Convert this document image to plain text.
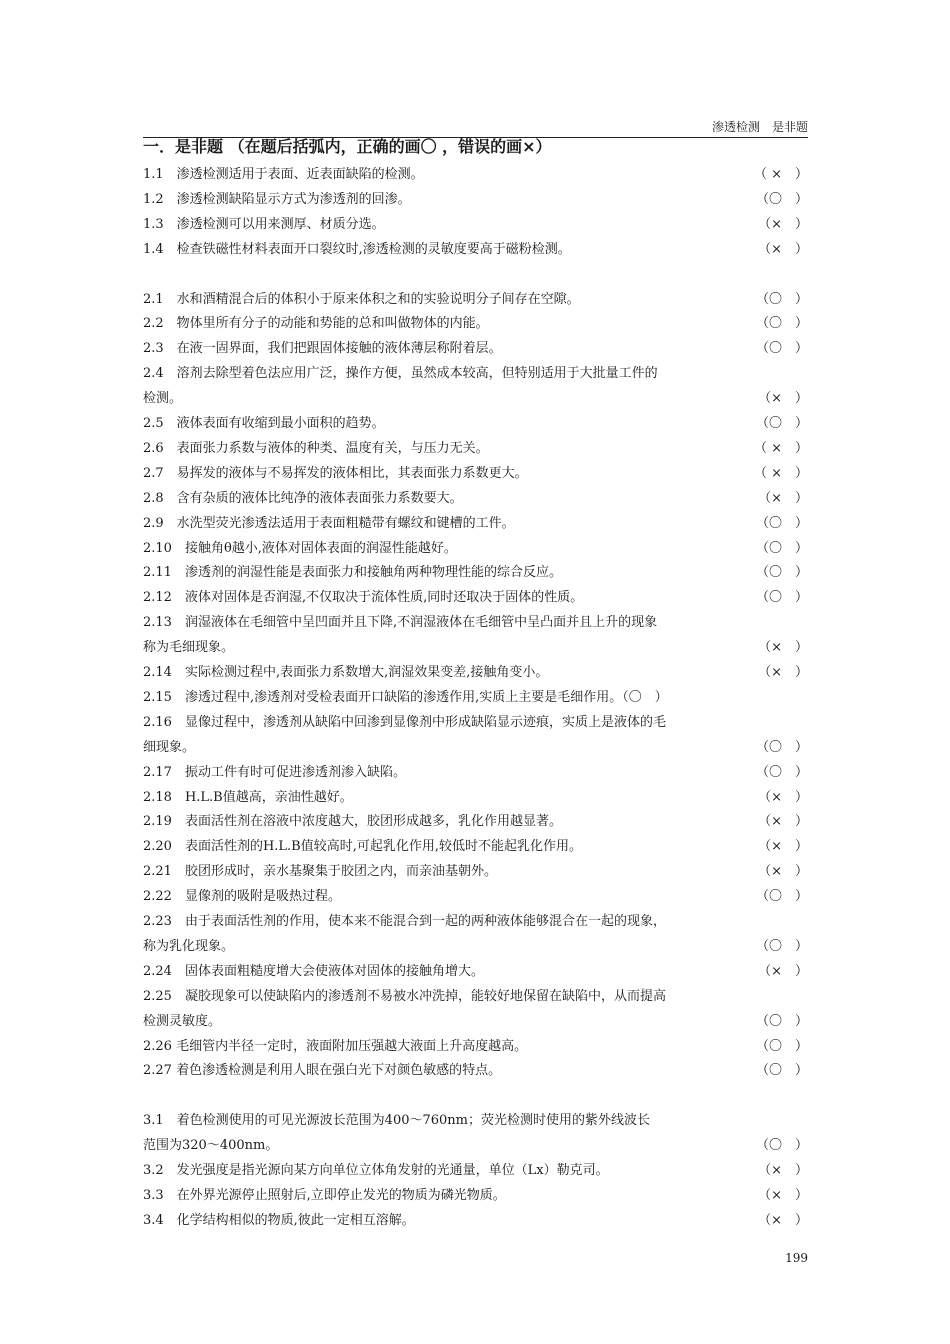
渗透检测　是非题
一．是非题 （在题后括弧内，正确的画〇 ，错误的画×）
1.1　渗透检测适用于表面、近表面缺陷的检测。	（ ×　）
1.2　渗透检测缺陷显示方式为渗透剂的回渗。	（〇　）
1.3　渗透检测可以用来测厚、材质分选。	（×　）
1.4　检查铁磁性材料表面开口裂纹时,渗透检测的灵敏度要高于磁粉检测。	（×　）
2.1　水和酒精混合后的体积小于原来体积之和的实验说明分子间存在空隙。	（〇　）
2.2　物体里所有分子的动能和势能的总和叫做物体的内能。	（〇　）
2.3　在液一固界面，我们把跟固体接触的液体薄层称附着层。	（〇　）
2.4　溶剂去除型着色法应用广泛，操作方便，虽然成本较高，但特别适用于大批量工件的
检测。	（×　）
2.5　液体表面有收缩到最小面积的趋势。	（〇　）
2.6　表面张力系数与液体的种类、温度有关，与压力无关。	（ ×　）
2.7　易挥发的液体与不易挥发的液体相比，其表面张力系数更大。	（ ×　）
2.8　含有杂质的液体比纯净的液体表面张力系数要大。	（×　）
2.9　水洗型荧光渗透法适用于表面粗糙带有螺纹和键槽的工件。	（〇　）
2.10　接触角θ越小,液体对固体表面的润湿性能越好。	（〇　）
2.11　渗透剂的润湿性能是表面张力和接触角两种物理性能的综合反应。	（〇　）
2.12　液体对固体是否润湿,不仅取决于流体性质,同时还取决于固体的性质。	（〇　）
2.13　润湿液体在毛细管中呈凹面并且下降,不润湿液体在毛细管中呈凸面并且上升的现象
称为毛细现象。	（×　）
2.14　实际检测过程中,表面张力系数增大,润湿效果变差,接触角变小。	（×　）
2.15　渗透过程中,渗透剂对受检表面开口缺陷的渗透作用,实质上主要是毛细作用。（〇　）
2.16　显像过程中，渗透剂从缺陷中回渗到显像剂中形成缺陷显示迹痕，实质上是液体的毛
细现象。	（〇　）
2.17　振动工件有时可促进渗透剂渗入缺陷。	（〇　）
2.18　H.L.B值越高，亲油性越好。	（×　）
2.19　表面活性剂在溶液中浓度越大，胶团形成越多，乳化作用越显著。	（×　）
2.20　表面活性剂的H.L.B值较高时,可起乳化作用,较低时不能起乳化作用。	（×　）
2.21　胶团形成时，亲水基聚集于胶团之内，而亲油基朝外。	（×　）
2.22　显像剂的吸附是吸热过程。	（〇　）
2.23　由于表面活性剂的作用，使本来不能混合到一起的两种液体能够混合在一起的现象，
称为乳化现象。	（〇　）
2.24　固体表面粗糙度增大会使液体对固体的接触角增大。	（×　）
2.25　凝胶现象可以使缺陷内的渗透剂不易被水冲洗掉，能较好地保留在缺陷中，从而提高
检测灵敏度。	（〇　）
2.26 毛细管内半径一定时，液面附加压强越大液面上升高度越高。	（〇　）
2.27 着色渗透检测是利用人眼在强白光下对颜色敏感的特点。	（〇　）
3.1　着色检测使用的可见光源波长范围为400～760nm；荧光检测时使用的紫外线波长
范围为320～400nm。	（〇　）
3.2　发光强度是指光源向某方向单位立体角发射的光通量，单位（Lx）勒克司。	（×　）
3.3　在外界光源停止照射后,立即停止发光的物质为磷光物质。	（×　）
3.4　化学结构相似的物质,彼此一定相互溶解。	（×　）
199
